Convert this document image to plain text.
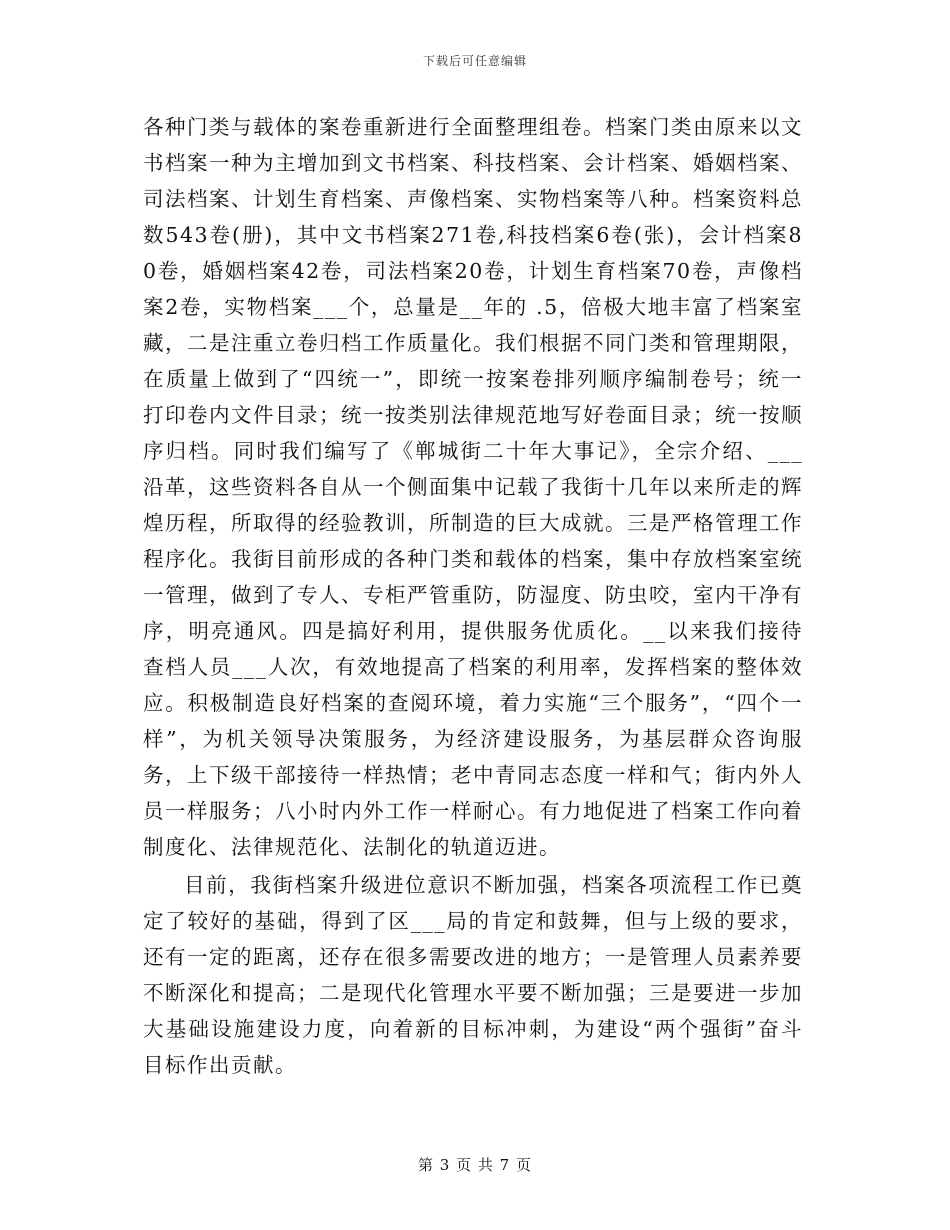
下载后可任意编辑

各种门类与载体的案卷重新进行全面整理组卷。档案门类由原来以文书档案一种为主增加到文书档案、科技档案、会计档案、婚姻档案、司法档案、计划生育档案、声像档案、实物档案等八种。档案资料总数543卷(册)，其中文书档案271卷,科技档案6卷(张)，会计档案80卷，婚姻档案42卷，司法档案20卷，计划生育档案70卷，声像档案2卷，实物档案___个，总量是__年的 .5，倍极大地丰富了档案室藏，二是注重立卷归档工作质量化。我们根据不同门类和管理期限，在质量上做到了“四统一”，即统一按案卷排列顺序编制卷号；统一打印卷内文件目录；统一按类别法律规范地写好卷面目录；统一按顺序归档。同时我们编写了《郸城街二十年大事记》，全宗介绍、___沿革，这些资料各自从一个侧面集中记载了我街十几年以来所走的辉煌历程，所取得的经验教训，所制造的巨大成就。三是严格管理工作程序化。我街目前形成的各种门类和载体的档案，集中存放档案室统一管理，做到了专人、专柜严管重防，防湿度、防虫咬，室内干净有序，明亮通风。四是搞好利用，提供服务优质化。__以来我们接待查档人员___人次，有效地提高了档案的利用率，发挥档案的整体效应。积极制造良好档案的查阅环境，着力实施“三个服务”，“四个一样”，为机关领导决策服务，为经济建设服务，为基层群众咨询服务，上下级干部接待一样热情；老中青同志态度一样和气；街内外人员一样服务；八小时内外工作一样耐心。有力地促进了档案工作向着制度化、法律规范化、法制化的轨道迈进。

目前，我街档案升级进位意识不断加强，档案各项流程工作已奠定了较好的基础，得到了区___局的肯定和鼓舞，但与上级的要求，还有一定的距离，还存在很多需要改进的地方；一是管理人员素养要不断深化和提高；二是现代化管理水平要不断加强；三是要进一步加大基础设施建设力度，向着新的目标冲刺，为建设“两个强街”奋斗目标作出贡献。

第 3 页 共 7 页
